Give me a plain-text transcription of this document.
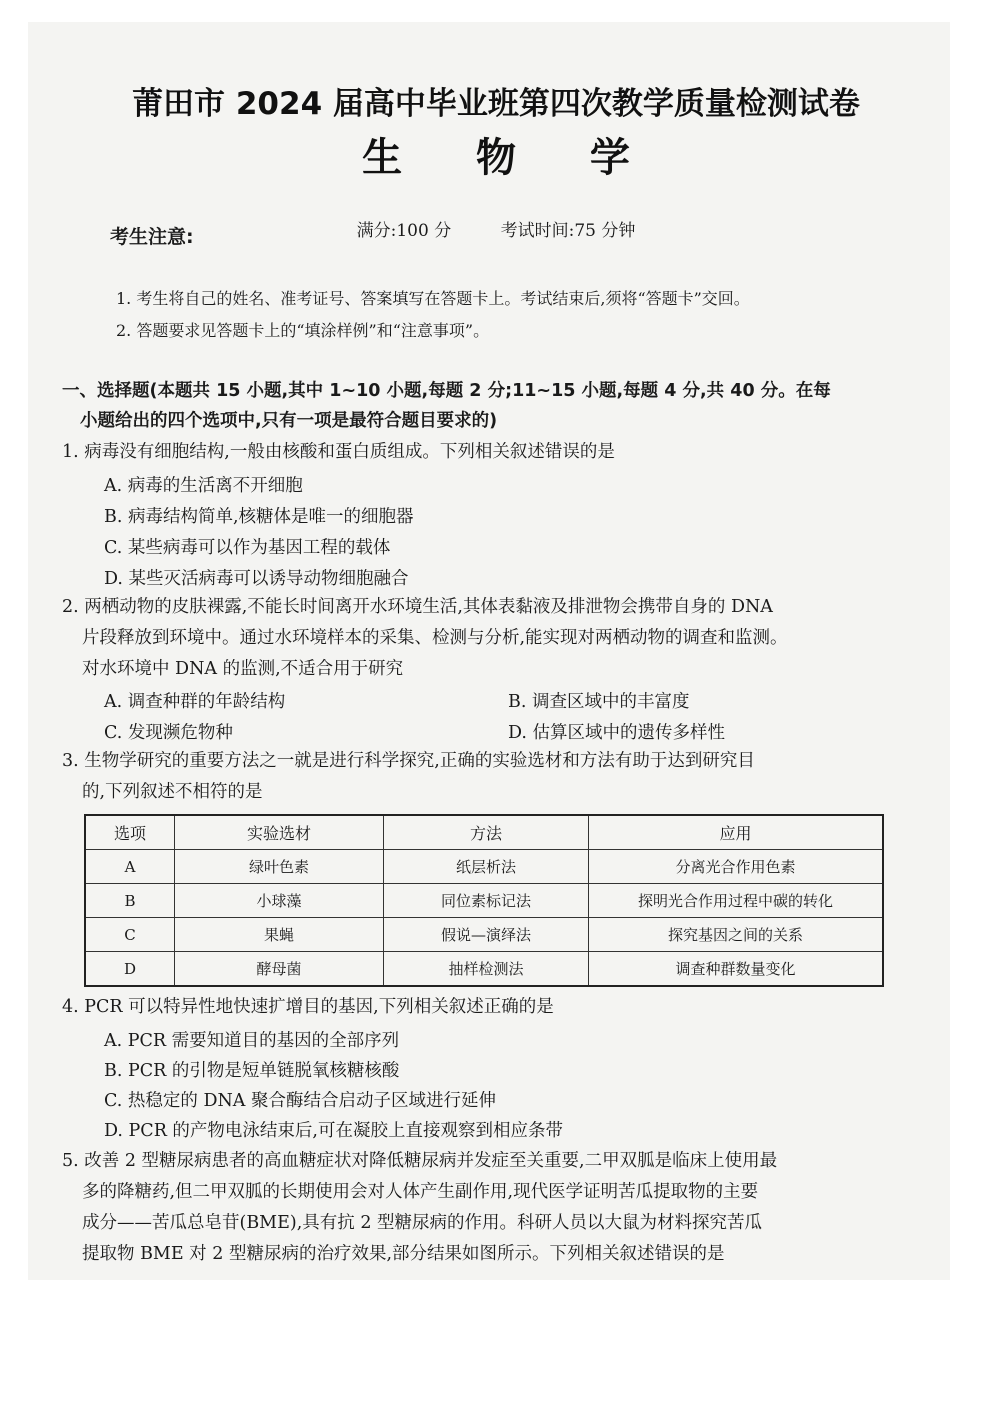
莆田市 2024 届高中毕业班第四次教学质量检测试卷
生 物 学
满分:100 分	考试时间:75 分钟
考生注意:
1. 考生将自己的姓名、准考证号、答案填写在答题卡上。考试结束后,须将“答题卡”交回。
2. 答题要求见答题卡上的“填涂样例”和“注意事项”。
一、选择题(本题共 15 小题,其中 1~10 小题,每题 2 分;11~15 小题,每题 4 分,共 40 分。在每
小题给出的四个选项中,只有一项是最符合题目要求的)
1. 病毒没有细胞结构,一般由核酸和蛋白质组成。下列相关叙述错误的是
A. 病毒的生活离不开细胞
B. 病毒结构简单,核糖体是唯一的细胞器
C. 某些病毒可以作为基因工程的载体
D. 某些灭活病毒可以诱导动物细胞融合
2. 两栖动物的皮肤裸露,不能长时间离开水环境生活,其体表黏液及排泄物会携带自身的 DNA
片段释放到环境中。通过水环境样本的采集、检测与分析,能实现对两栖动物的调查和监测。
对水环境中 DNA 的监测,不适合用于研究
A. 调查种群的年龄结构	B. 调查区域中的丰富度
C. 发现濒危物种	D. 估算区域中的遗传多样性
3. 生物学研究的重要方法之一就是进行科学探究,正确的实验选材和方法有助于达到研究目
的,下列叙述不相符的是
选项	实验选材	方法	应用
A	绿叶色素	纸层析法	分离光合作用色素
B	小球藻	同位素标记法	探明光合作用过程中碳的转化
C	果蝇	假说—演绎法	探究基因之间的关系
D	酵母菌	抽样检测法	调查种群数量变化
4. PCR 可以特异性地快速扩增目的基因,下列相关叙述正确的是
A. PCR 需要知道目的基因的全部序列
B. PCR 的引物是短单链脱氧核糖核酸
C. 热稳定的 DNA 聚合酶结合启动子区域进行延伸
D. PCR 的产物电泳结束后,可在凝胶上直接观察到相应条带
5. 改善 2 型糖尿病患者的高血糖症状对降低糖尿病并发症至关重要,二甲双胍是临床上使用最
多的降糖药,但二甲双胍的长期使用会对人体产生副作用,现代医学证明苦瓜提取物的主要
成分——苦瓜总皂苷(BME),具有抗 2 型糖尿病的作用。科研人员以大鼠为材料探究苦瓜
提取物 BME 对 2 型糖尿病的治疗效果,部分结果如图所示。下列相关叙述错误的是
